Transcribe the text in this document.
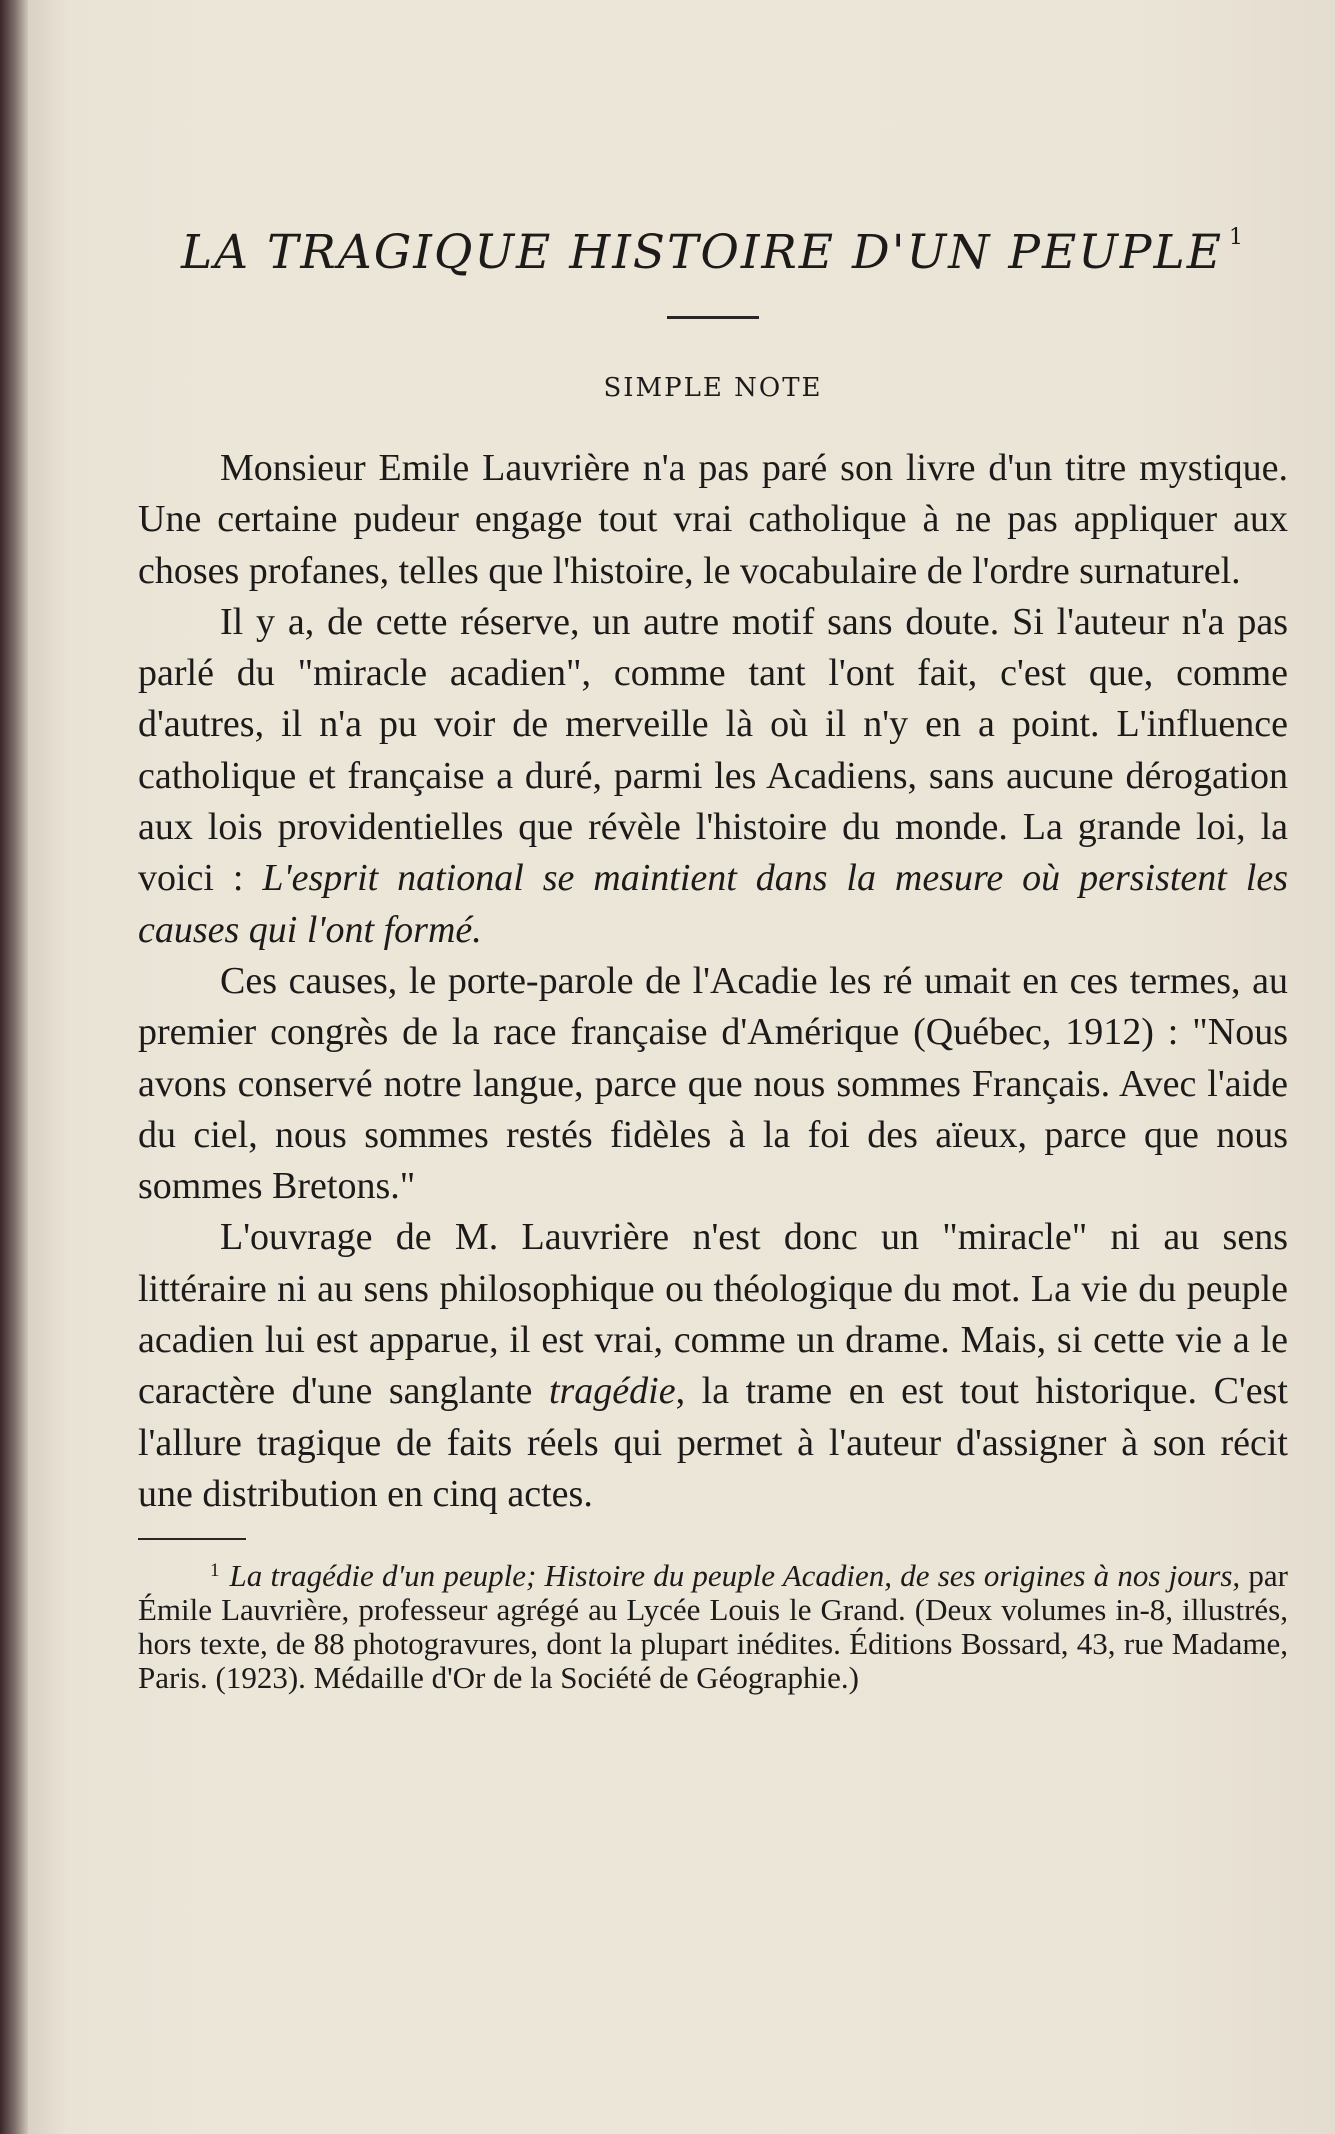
LA TRAGIQUE HISTOIRE D'UN PEUPLE $^1$
SIMPLE NOTE

Monsieur Emile Lauvrière n'a pas paré son livre d'un titre mystique. Une certaine pudeur engage tout vrai catholique à ne pas appliquer aux choses profanes, telles que l'histoire, le vocabulaire de l'ordre surnaturel.

Il y a, de cette réserve, un autre motif sans doute. Si l'auteur n'a pas parlé du "miracle acadien", comme tant l'ont fait, c'est que, comme d'autres, il n'a pu voir de merveille là où il n'y en a point. L'influence catholique et française a duré, parmi les Acadiens, sans aucune dérogation aux lois providentielles que révèle l'histoire du monde. La grande loi, la voici : L'esprit national se maintient dans la mesure où persistent les causes qui l'ont formé.

Ces causes, le porte-parole de l'Acadie les ré umait en ces termes, au premier congrès de la race française d'Amérique (Québec, 1912) : "Nous avons conservé notre langue, parce que nous sommes Français. Avec l'aide du ciel, nous sommes restés fidèles à la foi des aïeux, parce que nous sommes Bretons."

L'ouvrage de M. Lauvrière n'est donc un "miracle" ni au sens littéraire ni au sens philosophique ou théologique du mot. La vie du peuple acadien lui est apparue, il est vrai, comme un drame. Mais, si cette vie a le caractère d'une sanglante tragédie, la trame en est tout historique. C'est l'allure tragique de faits réels qui permet à l'auteur d'assigner à son récit une distribution en cinq actes.

$^1$ La tragédie d'un peuple; Histoire du peuple Acadien, de ses origines à nos jours, par Émile Lauvrière, professeur agrégé au Lycée Louis le Grand. (Deux volumes in-8, illustrés, hors texte, de 88 photogravures, dont la plupart inédites. Éditions Bossard, 43, rue Madame, Paris. (1923). Médaille d'Or de la Société de Géographie.)
